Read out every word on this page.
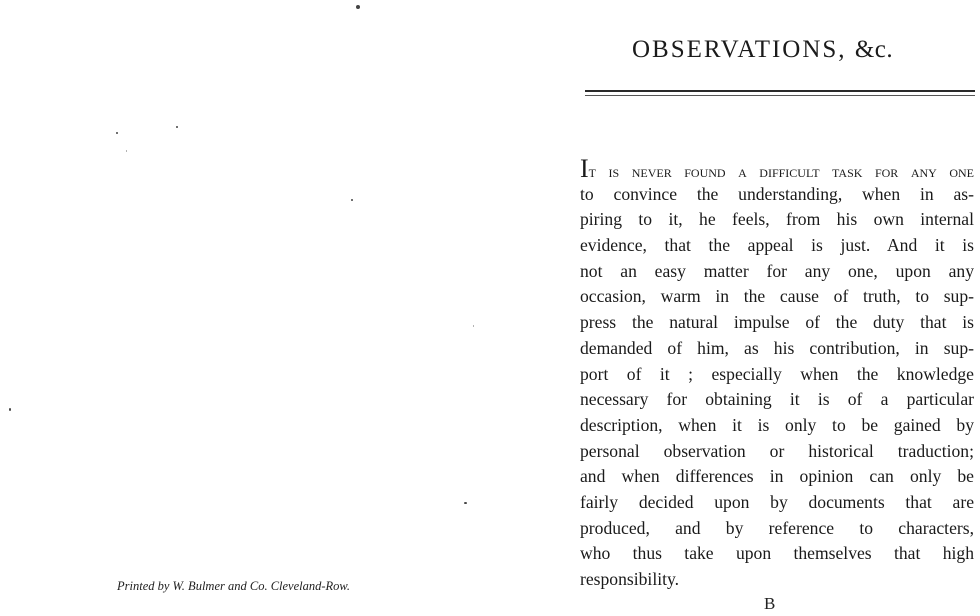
Printed by W. Bulmer and Co. Cleveland-Row.
OBSERVATIONS, &c.
It is never found a difficult task for any one
to convince the understanding, when in as-
piring to it, he feels, from his own internal
evidence, that the appeal is just. And it is
not an easy matter for any one, upon any
occasion, warm in the cause of truth, to sup-
press the natural impulse of the duty that is
demanded of him, as his contribution, in sup-
port of it ; especially when the knowledge
necessary for obtaining it is of a particular
description, when it is only to be gained by
personal observation or historical traduction;
and when differences in opinion can only be
fairly decided upon by documents that are
produced, and by reference to characters,
who thus take upon themselves that high
responsibility.
B
